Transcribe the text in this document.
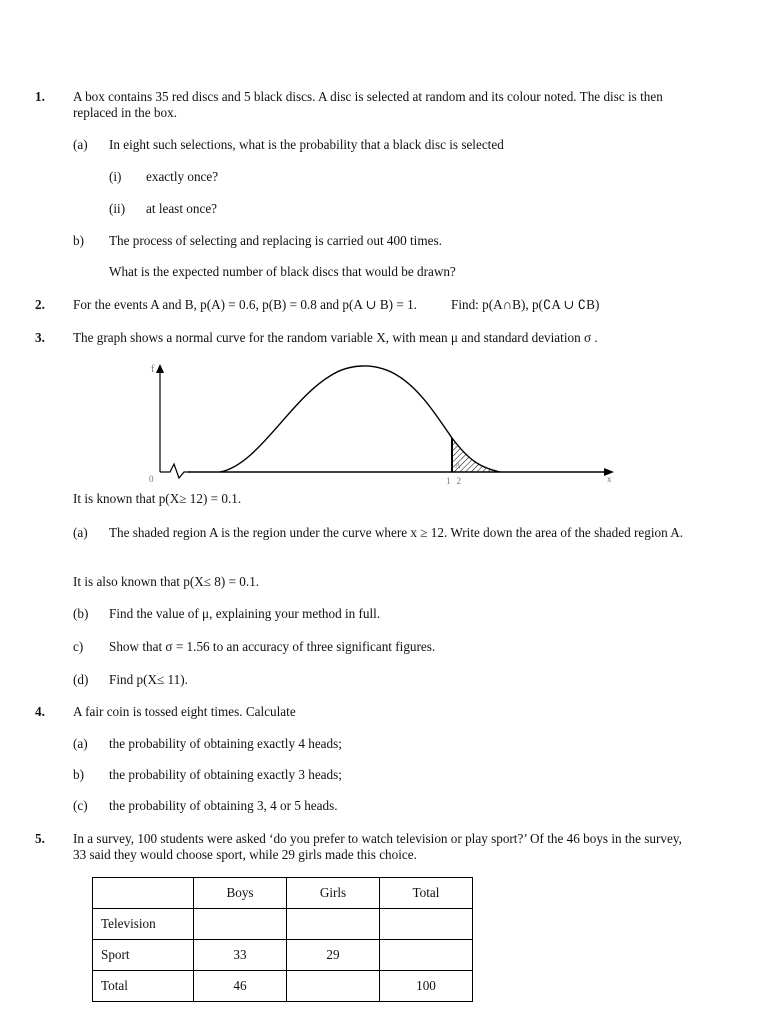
1. A box contains 35 red discs and 5 black discs. A disc is selected at random and its colour noted. The disc is then replaced in the box.
(a) In eight such selections, what is the probability that a black disc is selected
(i) exactly once?
(ii) at least once?
b) The process of selecting and replacing is carried out 400 times.
What is the expected number of black discs that would be drawn?
2. For the events A and B, p(A) = 0.6, p(B) = 0.8 and p(A ∪ B) = 1.	Find: p(A∩B), p(∁A ∪ ∁B)
3. The graph shows a normal curve for the random variable X, with mean μ and standard deviation σ .
f
0
A
12	x
It is known that p(X≥ 12) = 0.1.
(a) The shaded region A is the region under the curve where x ≥ 12. Write down the area of the shaded region A.
It is also known that p(X≤ 8) = 0.1.
(b) Find the value of μ, explaining your method in full.
c) Show that σ = 1.56 to an accuracy of three significant figures.
(d) Find p(X≤ 11).
4. A fair coin is tossed eight times. Calculate
(a) the probability of obtaining exactly 4 heads;
b) the probability of obtaining exactly 3 heads;
(c) the probability of obtaining 3, 4 or 5 heads.
5. In a survey, 100 students were asked ‘do you prefer to watch television or play sport?’ Of the 46 boys in the survey, 33 said they would choose sport, while 29 girls made this choice.
	Boys	Girls	Total
Television			
Sport	33	29	
Total	46		100
